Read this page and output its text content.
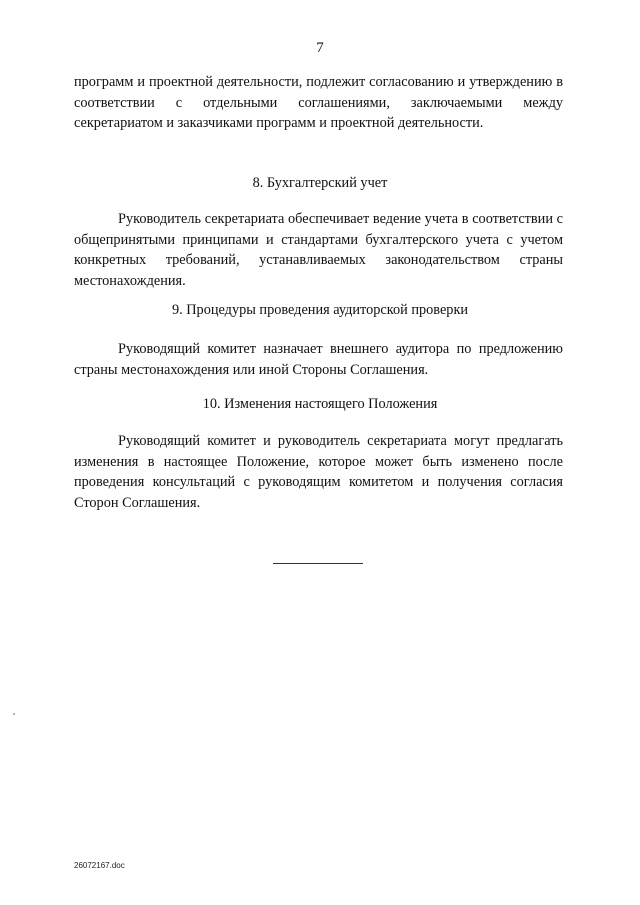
7

программ и проектной деятельности, подлежит согласованию и утверждению в соответствии с отдельными соглашениями, заключаемыми между секретариатом и заказчиками программ и проектной деятельности.

8. Бухгалтерский учет

Руководитель секретариата обеспечивает ведение учета в соответствии с общепринятыми принципами и стандартами бухгалтерского учета с учетом конкретных требований, устанавливаемых законодательством страны местонахождения.

9. Процедуры проведения аудиторской проверки

Руководящий комитет назначает внешнего аудитора по предложению страны местонахождения или иной Стороны Соглашения.

10. Изменения настоящего Положения

Руководящий комитет и руководитель секретариата могут предлагать изменения в настоящее Положение, которое может быть изменено после проведения консультаций с руководящим комитетом и получения согласия Сторон Соглашения.

26072167.doc
